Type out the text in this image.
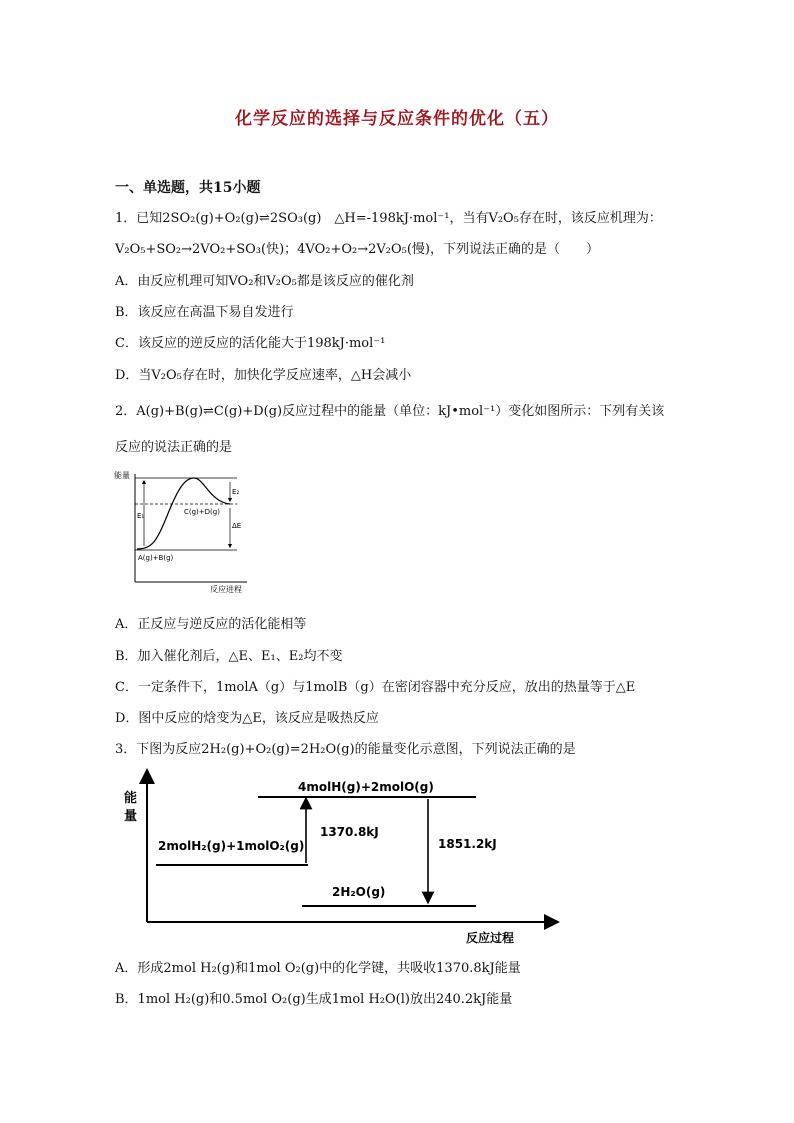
化学反应的选择与反应条件的优化（五）
一、单选题，共15小题
1．已知2SO₂(g)+O₂(g)⇌2SO₃(g)　△H=-198kJ·mol⁻¹，当有V₂O₅存在时，该反应机理为：
V₂O₅+SO₂→2VO₂+SO₃(快)；4VO₂+O₂→2V₂O₅(慢)，下列说法正确的是（　　）
A．由反应机理可知VO₂和V₂O₅都是该反应的催化剂
B．该反应在高温下易自发进行
C．该反应的逆反应的活化能大于198kJ·mol⁻¹
D．当V₂O₅存在时，加快化学反应速率，△H会减小
2．A(g)+B(g)⇌C(g)+D(g)反应过程中的能量（单位：kJ•mol⁻¹）变化如图所示：下列有关该
反应的说法正确的是
能量
反应进程
E₁
E₂
ΔE
C(g)+D(g)
A(g)+B(g)
A．正反应与逆反应的活化能相等
B．加入催化剂后，△E、E₁、E₂均不变
C．一定条件下，1molA（g）与1molB（g）在密闭容器中充分反应，放出的热量等于△E
D．图中反应的焓变为△E，该反应是吸热反应
3．下图为反应2H₂(g)+O₂(g)=2H₂O(g)的能量变化示意图，下列说法正确的是
能
量
反应过程
4molH(g)+2molO(g)
2molH₂(g)+1molO₂(g)
2H₂O(g)
1370.8kJ
1851.2kJ
A．形成2mol H₂(g)和1mol O₂(g)中的化学键，共吸收1370.8kJ能量
B．1mol H₂(g)和0.5mol O₂(g)生成1mol H₂O(l)放出240.2kJ能量
